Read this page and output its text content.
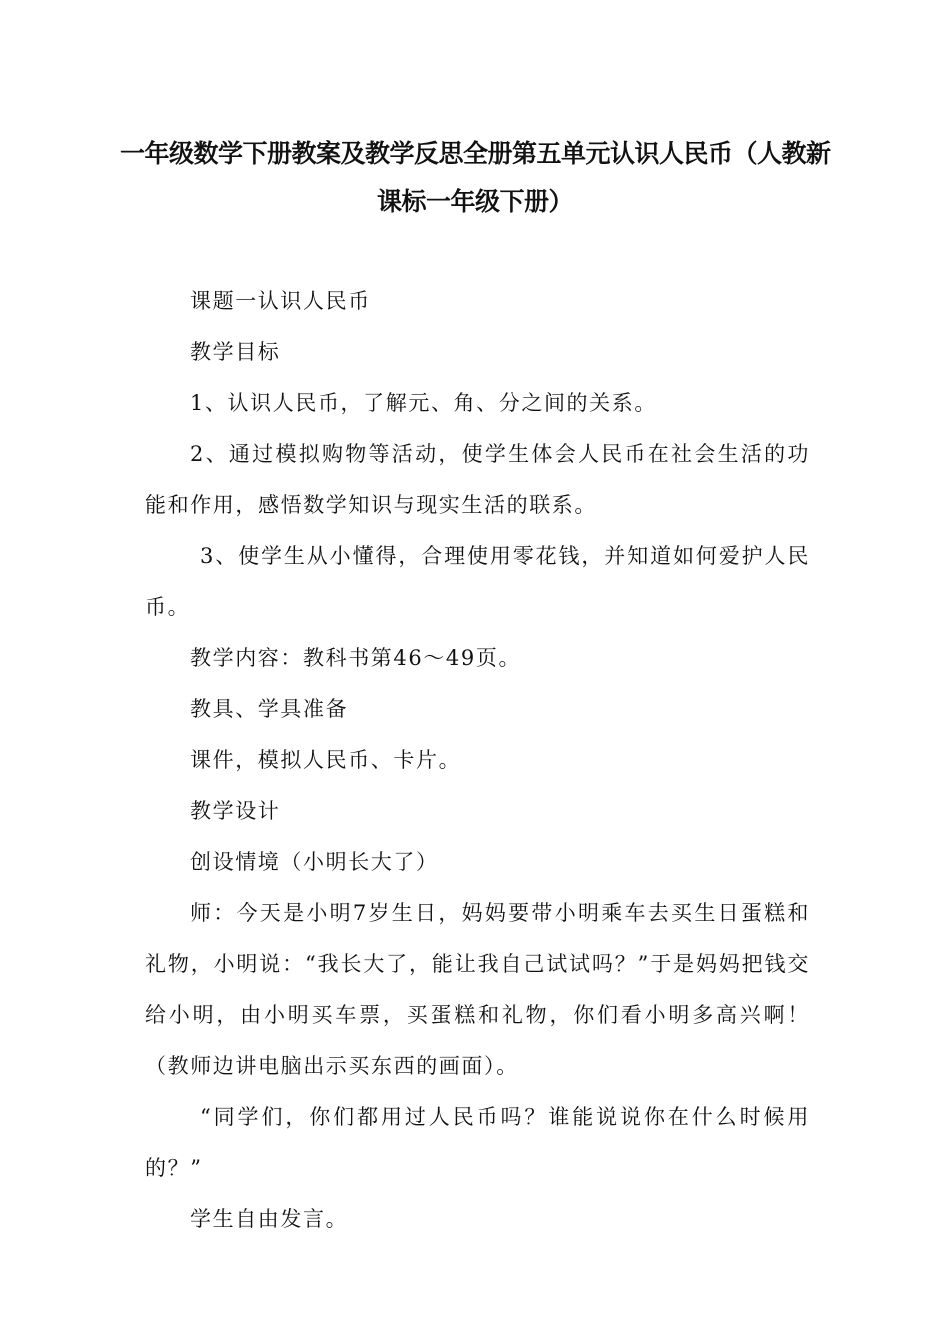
一年级数学下册教案及教学反思全册第五单元认识人民币（人教新
课标一年级下册）

课题一认识人民币

教学目标

1、认识人民币，了解元、角、分之间的关系。

2、通过模拟购物等活动，使学生体会人民币在社会生活的功能和作用，感悟数学知识与现实生活的联系。

3、使学生从小懂得，合理使用零花钱，并知道如何爱护人民币。

教学内容：教科书第46～49页。

教具、学具准备

课件，模拟人民币、卡片。

教学设计

创设情境（小明长大了）

师：今天是小明7岁生日，妈妈要带小明乘车去买生日蛋糕和礼物，小明说：“我长大了，能让我自己试试吗？”于是妈妈把钱交给小明，由小明买车票，买蛋糕和礼物，你们看小明多高兴啊！（教师边讲电脑出示买东西的画面）。

“同学们，你们都用过人民币吗？谁能说说你在什么时候用的？”

学生自由发言。
